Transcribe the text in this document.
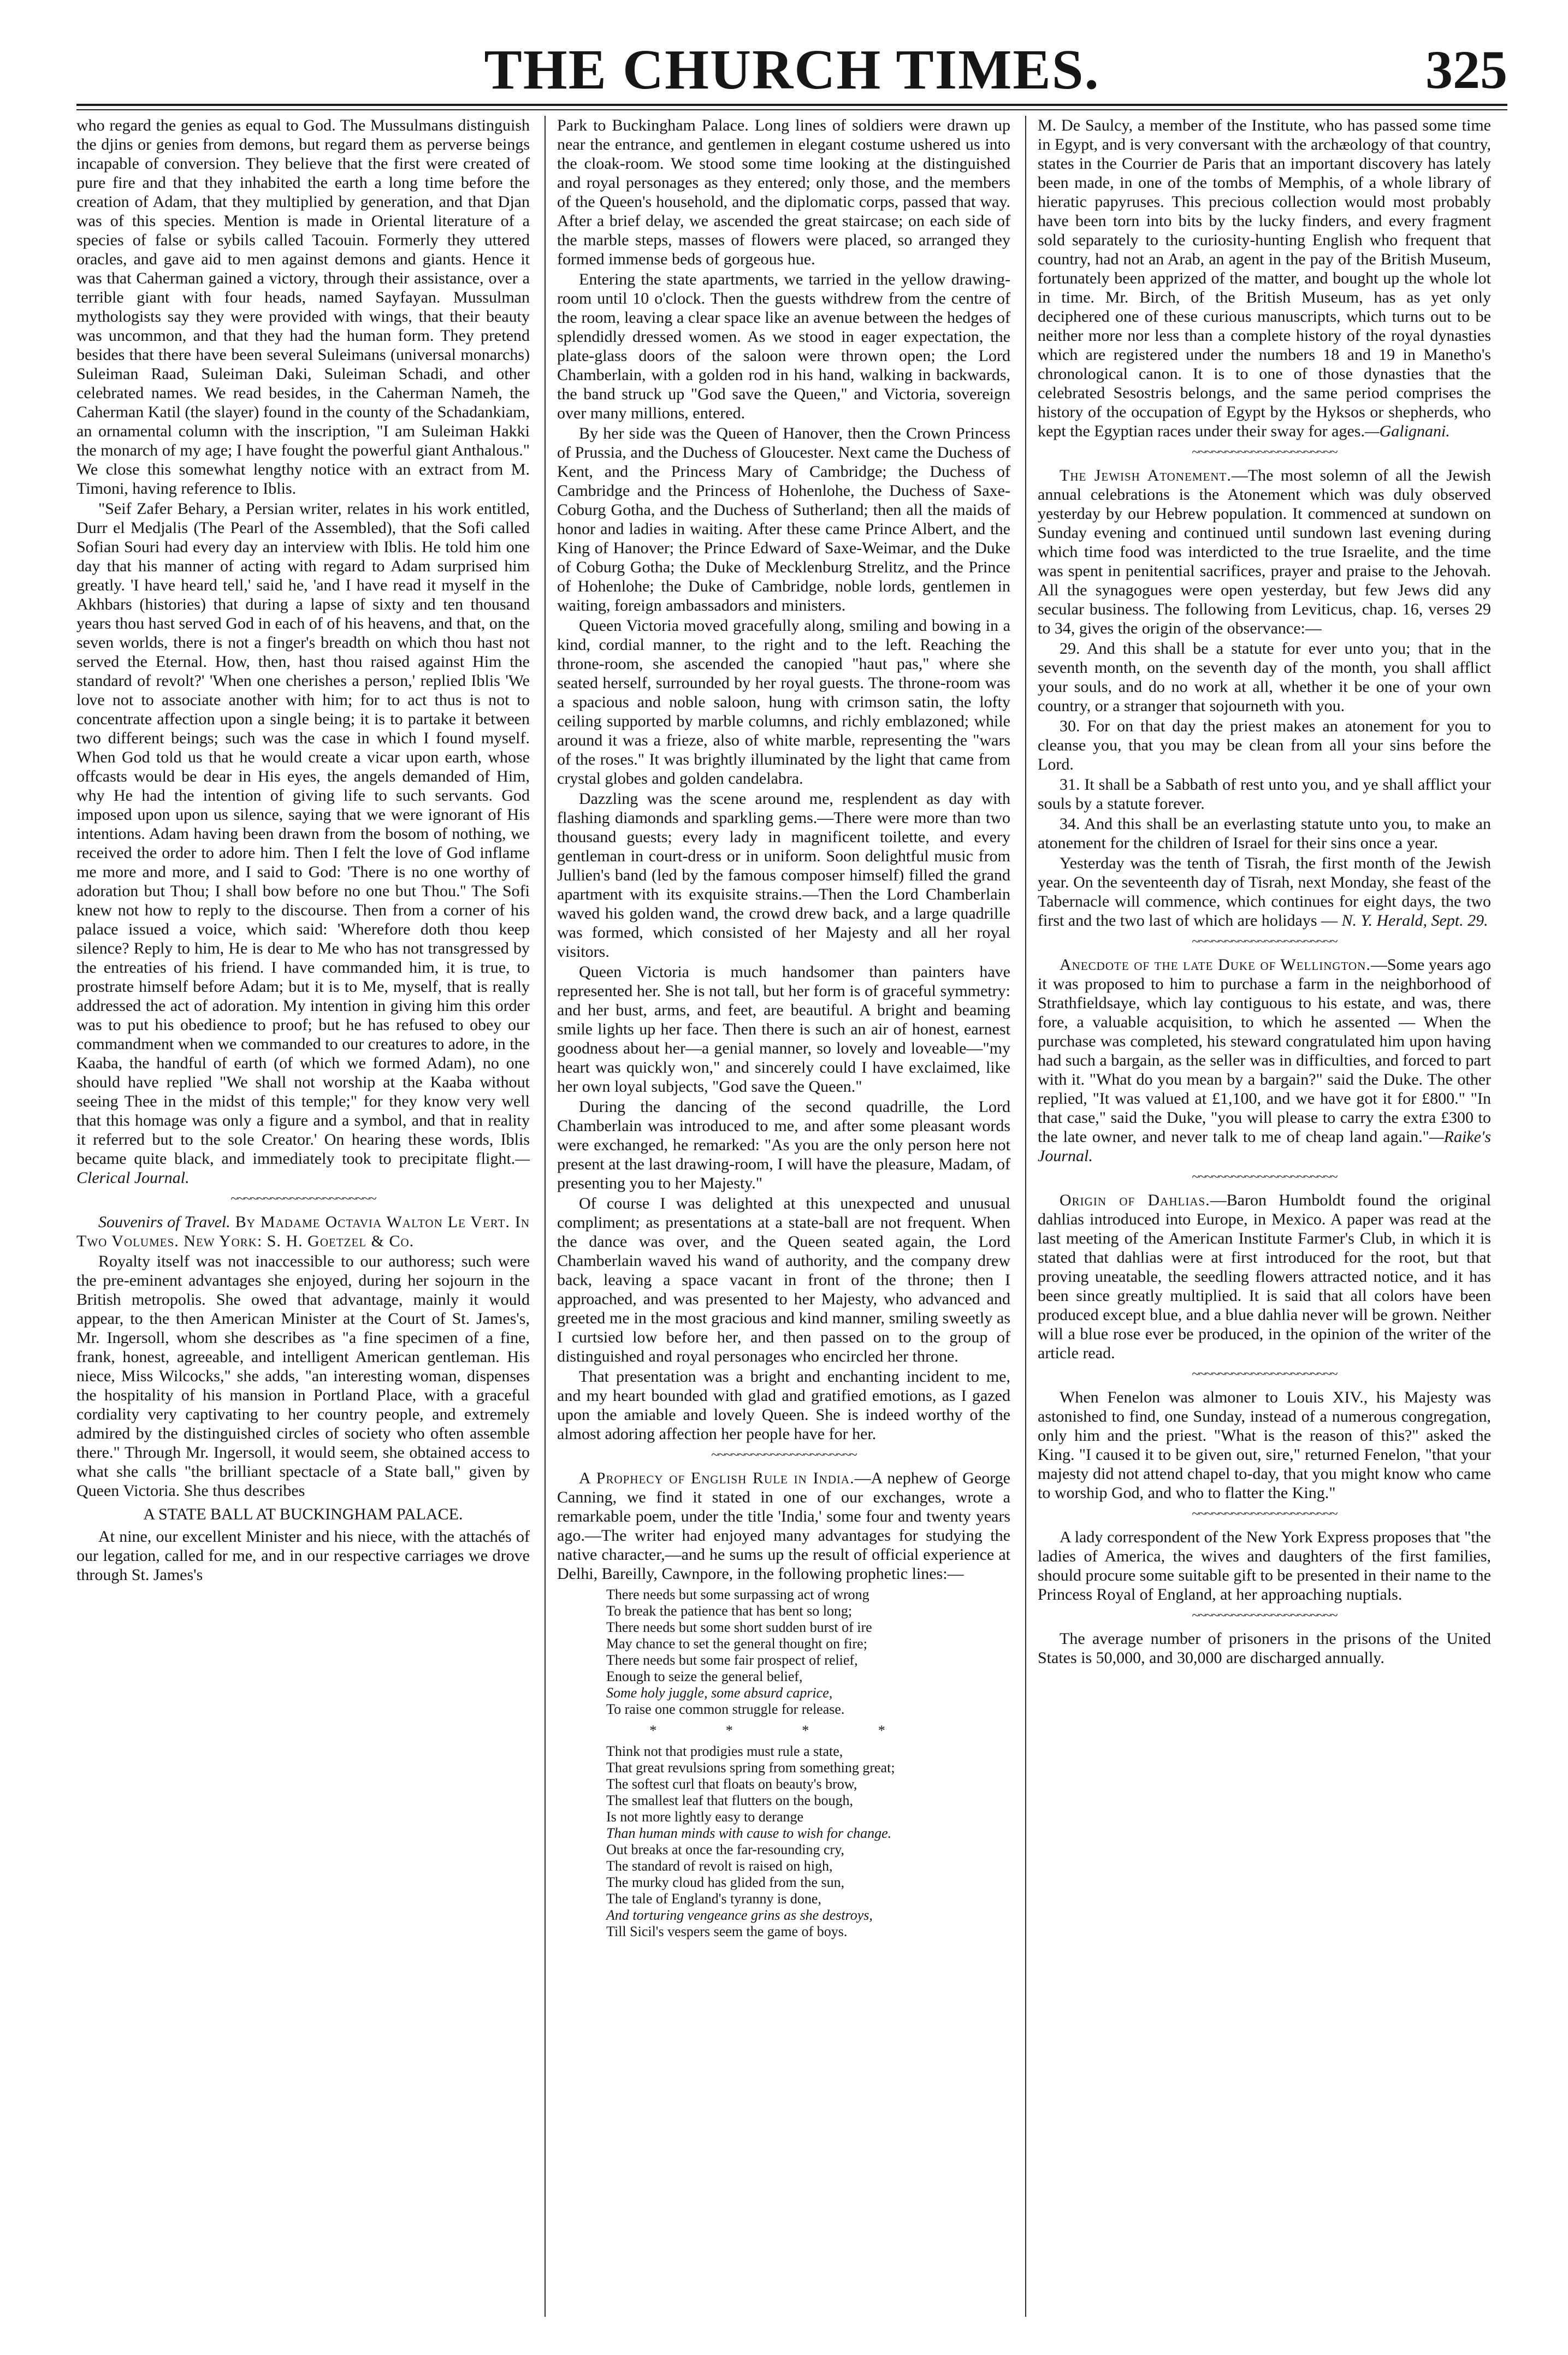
THE CHURCH TIMES.	325

who regard the genies as equal to God. The Mussulmans distinguish the djins or genies from demons, but regard them as perverse beings incapable of conversion. They believe that the first were created of pure fire and that they inhabited the earth a long time before the creation of Adam, that they multiplied by generation, and that Djan was of this species. Mention is made in Oriental literature of a species of false or sybils called Tacouin. Formerly they uttered oracles, and gave aid to men against demons and giants. Hence it was that Caherman gained a victory, through their assistance, over a terrible giant with four heads, named Sayfayan. Mussulman mythologists say they were provided with wings, that their beauty was uncommon, and that they had the human form. They pretend besides that there have been several Suleimans (universal monarchs) Suleiman Raad, Suleiman Daki, Suleiman Schadi, and other celebrated names. We read besides, in the Caherman Nameh, the Caherman Katil (the slayer) found in the county of the Schadankiam, an ornamental column with the inscription, "I am Suleiman Hakki the monarch of my age; I have fought the powerful giant Anthalous." We close this somewhat lengthy notice with an extract from M. Timoni, having reference to Iblis.

"Seif Zafer Behary, a Persian writer, relates in his work entitled, Durr el Medjalis (The Pearl of the Assembled), that the Sofi called Sofian Souri had every day an interview with Iblis. He told him one day that his manner of acting with regard to Adam surprised him greatly. 'I have heard tell,' said he, 'and I have read it myself in the Akhbars (histories) that during a lapse of sixty and ten thousand years thou hast served God in each of of his heavens, and that, on the seven worlds, there is not a finger's breadth on which thou hast not served the Eternal. How, then, hast thou raised against Him the standard of revolt?' 'When one cherishes a person,' replied Iblis 'We love not to associate another with him; for to act thus is not to concentrate affection upon a single being; it is to partake it between two different beings; such was the case in which I found myself. When God told us that he would create a vicar upon earth, whose offcasts would be dear in His eyes, the angels demanded of Him, why He had the intention of giving life to such servants. God imposed upon upon us silence, saying that we were ignorant of His intentions. Adam having been drawn from the bosom of nothing, we received the order to adore him. Then I felt the love of God inflame me more and more, and I said to God: 'There is no one worthy of adoration but Thou; I shall bow before no one but Thou.'' The Sofi knew not how to reply to the discourse. Then from a corner of his palace issued a voice, which said: 'Wherefore doth thou keep silence? Reply to him, He is dear to Me who has not transgressed by the entreaties of his friend. I have commanded him, it is true, to prostrate himself before Adam; but it is to Me, myself, that is really addressed the act of adoration. My intention in giving him this order was to put his obedience to proof; but he has refused to obey our commandment when we commanded to our creatures to adore, in the Kaaba, the handful of earth (of which we formed Adam), no one should have replied "We shall not worship at the Kaaba without seeing Thee in the midst of this temple;" for they know very well that this homage was only a figure and a symbol, and that in reality it referred but to the sole Creator.' On hearing these words, Iblis became quite black, and immediately took to precipitate flight.—Clerical Journal.

~~~~~~~~~~~~~~~~~~~~~~

Souvenirs of Travel. By Madame Octavia Walton Le Vert. In Two Volumes. New York: S. H. Goetzel & Co.

Royalty itself was not inaccessible to our authoress; such were the pre-eminent advantages she enjoyed, during her sojourn in the British metropolis. She owed that advantage, mainly it would appear, to the then American Minister at the Court of St. James's, Mr. Ingersoll, whom she describes as "a fine specimen of a fine, frank, honest, agreeable, and intelligent American gentleman. His niece, Miss Wilcocks," she adds, "an interesting woman, dispenses the hospitality of his mansion in Portland Place, with a graceful cordiality very captivating to her country people, and extremely admired by the distinguished circles of society who often assemble there." Through Mr. Ingersoll, it would seem, she obtained access to what she calls "the brilliant spectacle of a State ball," given by Queen Victoria. She thus describes

A STATE BALL AT BUCKINGHAM PALACE.

At nine, our excellent Minister and his niece, with the attachés of our legation, called for me, and in our respective carriages we drove through St. James's

Park to Buckingham Palace. Long lines of soldiers were drawn up near the entrance, and gentlemen in elegant costume ushered us into the cloak-room. We stood some time looking at the distinguished and royal personages as they entered; only those, and the members of the Queen's household, and the diplomatic corps, passed that way. After a brief delay, we ascended the great staircase; on each side of the marble steps, masses of flowers were placed, so arranged they formed immense beds of gorgeous hue.

Entering the state apartments, we tarried in the yellow drawing-room until 10 o'clock. Then the guests withdrew from the centre of the room, leaving a clear space like an avenue between the hedges of splendidly dressed women. As we stood in eager expectation, the plate-glass doors of the saloon were thrown open; the Lord Chamberlain, with a golden rod in his hand, walking in backwards, the band struck up "God save the Queen," and Victoria, sovereign over many millions, entered.

By her side was the Queen of Hanover, then the Crown Princess of Prussia, and the Duchess of Gloucester. Next came the Duchess of Kent, and the Princess Mary of Cambridge; the Duchess of Cambridge and the Princess of Hohenlohe, the Duchess of Saxe-Coburg Gotha, and the Duchess of Sutherland; then all the maids of honor and ladies in waiting. After these came Prince Albert, and the King of Hanover; the Prince Edward of Saxe-Weimar, and the Duke of Coburg Gotha; the Duke of Mecklenburg Strelitz, and the Prince of Hohenlohe; the Duke of Cambridge, noble lords, gentlemen in waiting, foreign ambassadors and ministers.

Queen Victoria moved gracefully along, smiling and bowing in a kind, cordial manner, to the right and to the left. Reaching the throne-room, she ascended the canopied "haut pas," where she seated herself, surrounded by her royal guests. The throne-room was a spacious and noble saloon, hung with crimson satin, the lofty ceiling supported by marble columns, and richly emblazoned; while around it was a frieze, also of white marble, representing the "wars of the roses." It was brightly illuminated by the light that came from crystal globes and golden candelabra.

Dazzling was the scene around me, resplendent as day with flashing diamonds and sparkling gems.—There were more than two thousand guests; every lady in magnificent toilette, and every gentleman in court-dress or in uniform. Soon delightful music from Jullien's band (led by the famous composer himself) filled the grand apartment with its exquisite strains.—Then the Lord Chamberlain waved his golden wand, the crowd drew back, and a large quadrille was formed, which consisted of her Majesty and all her royal visitors.

Queen Victoria is much handsomer than painters have represented her. She is not tall, but her form is of graceful symmetry: and her bust, arms, and feet, are beautiful. A bright and beaming smile lights up her face. Then there is such an air of honest, earnest goodness about her—a genial manner, so lovely and loveable—"my heart was quickly won," and sincerely could I have exclaimed, like her own loyal subjects, "God save the Queen."

During the dancing of the second quadrille, the Lord Chamberlain was introduced to me, and after some pleasant words were exchanged, he remarked: "As you are the only person here not present at the last drawing-room, I will have the pleasure, Madam, of presenting you to her Majesty."

Of course I was delighted at this unexpected and unusual compliment; as presentations at a state-ball are not frequent. When the dance was over, and the Queen seated again, the Lord Chamberlain waved his wand of authority, and the company drew back, leaving a space vacant in front of the throne; then I approached, and was presented to her Majesty, who advanced and greeted me in the most gracious and kind manner, smiling sweetly as I curtsied low before her, and then passed on to the group of distinguished and royal personages who encircled her throne.

That presentation was a bright and enchanting incident to me, and my heart bounded with glad and gratified emotions, as I gazed upon the amiable and lovely Queen. She is indeed worthy of the almost adoring affection her people have for her.

~~~~~~~~~~~~~~~~~~~~~~

A Prophecy of English Rule in India.—A nephew of George Canning, we find it stated in one of our exchanges, wrote a remarkable poem, under the title 'India,' some four and twenty years ago.—The writer had enjoyed many advantages for studying the native character,—and he sums up the result of official experience at Delhi, Bareilly, Cawnpore, in the following prophetic lines:—

There needs but some surpassing act of wrong
To break the patience that has bent so long;
There needs but some short sudden burst of ire
May chance to set the general thought on fire;
There needs but some fair prospect of relief,
Enough to seize the general belief,
Some holy juggle, some absurd caprice,
To raise one common struggle for release.
* * * *
Think not that prodigies must rule a state,
That great revulsions spring from something great;
The softest curl that floats on beauty's brow,
The smallest leaf that flutters on the bough,
Is not more lightly easy to derange
Than human minds with cause to wish for change.
Out breaks at once the far-resounding cry,
The standard of revolt is raised on high,
The murky cloud has glided from the sun,
The tale of England's tyranny is done,
And torturing vengeance grins as she destroys,
Till Sicil's vespers seem the game of boys.

M. De Saulcy, a member of the Institute, who has passed some time in Egypt, and is very conversant with the archæology of that country, states in the Courrier de Paris that an important discovery has lately been made, in one of the tombs of Memphis, of a whole library of hieratic papyruses. This precious collection would most probably have been torn into bits by the lucky finders, and every fragment sold separately to the curiosity-hunting English who frequent that country, had not an Arab, an agent in the pay of the British Museum, fortunately been apprized of the matter, and bought up the whole lot in time. Mr. Birch, of the British Museum, has as yet only deciphered one of these curious manuscripts, which turns out to be neither more nor less than a complete history of the royal dynasties which are registered under the numbers 18 and 19 in Manetho's chronological canon. It is to one of those dynasties that the celebrated Sesostris belongs, and the same period comprises the history of the occupation of Egypt by the Hyksos or shepherds, who kept the Egyptian races under their sway for ages.—Galignani.

~~~~~~~~~~~~~~~~~~~~~~

The Jewish Atonement.—The most solemn of all the Jewish annual celebrations is the Atonement which was duly observed yesterday by our Hebrew population. It commenced at sundown on Sunday evening and continued until sundown last evening during which time food was interdicted to the true Israelite, and the time was spent in penitential sacrifices, prayer and praise to the Jehovah. All the synagogues were open yesterday, but few Jews did any secular business. The following from Leviticus, chap. 16, verses 29 to 34, gives the origin of the observance:—

29. And this shall be a statute for ever unto you; that in the seventh month, on the seventh day of the month, you shall afflict your souls, and do no work at all, whether it be one of your own country, or a stranger that sojourneth with you.

30. For on that day the priest makes an atonement for you to cleanse you, that you may be clean from all your sins before the Lord.

31. It shall be a Sabbath of rest unto you, and ye shall afflict your souls by a statute forever.

34. And this shall be an everlasting statute unto you, to make an atonement for the children of Israel for their sins once a year.

Yesterday was the tenth of Tisrah, the first month of the Jewish year. On the seventeenth day of Tisrah, next Monday, she feast of the Tabernacle will commence, which continues for eight days, the two first and the two last of which are holidays — N. Y. Herald, Sept. 29.

~~~~~~~~~~~~~~~~~~~~~~

Anecdote of the late Duke of Wellington.—Some years ago it was proposed to him to purchase a farm in the neighborhood of Strathfieldsaye, which lay contiguous to his estate, and was, there fore, a valuable acquisition, to which he assented — When the purchase was completed, his steward congratulated him upon having had such a bargain, as the seller was in difficulties, and forced to part with it. "What do you mean by a bargain?" said the Duke. The other replied, "It was valued at £1,100, and we have got it for £800." "In that case," said the Duke, "you will please to carry the extra £300 to the late owner, and never talk to me of cheap land again."—Raike's Journal.

~~~~~~~~~~~~~~~~~~~~~~

Origin of Dahlias.—Baron Humboldt found the original dahlias introduced into Europe, in Mexico. A paper was read at the last meeting of the American Institute Farmer's Club, in which it is stated that dahlias were at first introduced for the root, but that proving uneatable, the seedling flowers attracted notice, and it has been since greatly multiplied. It is said that all colors have been produced except blue, and a blue dahlia never will be grown. Neither will a blue rose ever be produced, in the opinion of the writer of the article read.

~~~~~~~~~~~~~~~~~~~~~~

When Fenelon was almoner to Louis XIV., his Majesty was astonished to find, one Sunday, instead of a numerous congregation, only him and the priest. "What is the reason of this?" asked the King. "I caused it to be given out, sire," returned Fenelon, "that your majesty did not attend chapel to-day, that you might know who came to worship God, and who to flatter the King."

~~~~~~~~~~~~~~~~~~~~~~

A lady correspondent of the New York Express proposes that "the ladies of America, the wives and daughters of the first families, should procure some suitable gift to be presented in their name to the Princess Royal of England, at her approaching nuptials.

~~~~~~~~~~~~~~~~~~~~~~

The average number of prisoners in the prisons of the United States is 50,000, and 30,000 are discharged annually.
